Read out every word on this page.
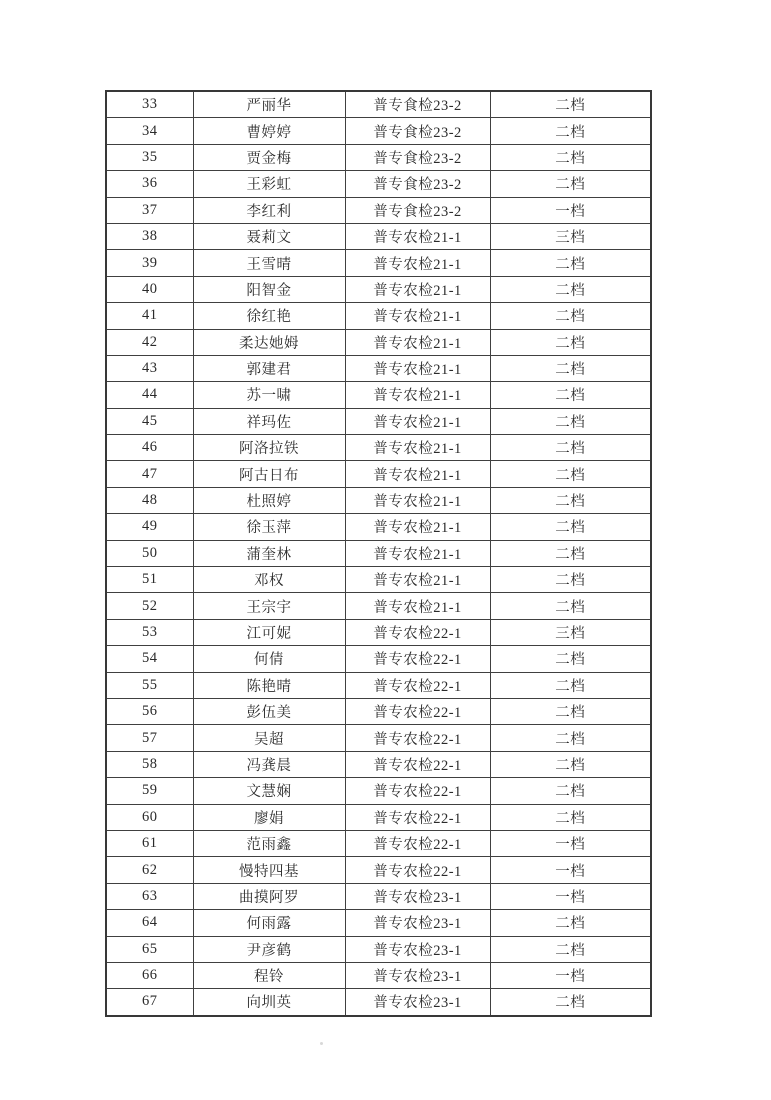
33	严丽华	普专食检23-2	二档
34	曹婷婷	普专食检23-2	二档
35	贾金梅	普专食检23-2	二档
36	王彩虹	普专食检23-2	二档
37	李红利	普专食检23-2	一档
38	聂莉文	普专农检21-1	三档
39	王雪晴	普专农检21-1	二档
40	阳智金	普专农检21-1	二档
41	徐红艳	普专农检21-1	二档
42	柔达她姆	普专农检21-1	二档
43	郭建君	普专农检21-1	二档
44	苏一啸	普专农检21-1	二档
45	祥玛佐	普专农检21-1	二档
46	阿洛拉铁	普专农检21-1	二档
47	阿古日布	普专农检21-1	二档
48	杜照婷	普专农检21-1	二档
49	徐玉萍	普专农检21-1	二档
50	蒲奎林	普专农检21-1	二档
51	邓权	普专农检21-1	二档
52	王宗宇	普专农检21-1	二档
53	江可妮	普专农检22-1	三档
54	何倩	普专农检22-1	二档
55	陈艳晴	普专农检22-1	二档
56	彭伍美	普专农检22-1	二档
57	吴超	普专农检22-1	二档
58	冯龚晨	普专农检22-1	二档
59	文慧娴	普专农检22-1	二档
60	廖娟	普专农检22-1	二档
61	范雨鑫	普专农检22-1	一档
62	慢特四基	普专农检22-1	一档
63	曲摸阿罗	普专农检23-1	一档
64	何雨露	普专农检23-1	二档
65	尹彦鹤	普专农检23-1	二档
66	程铃	普专农检23-1	一档
67	向圳英	普专农检23-1	二档
